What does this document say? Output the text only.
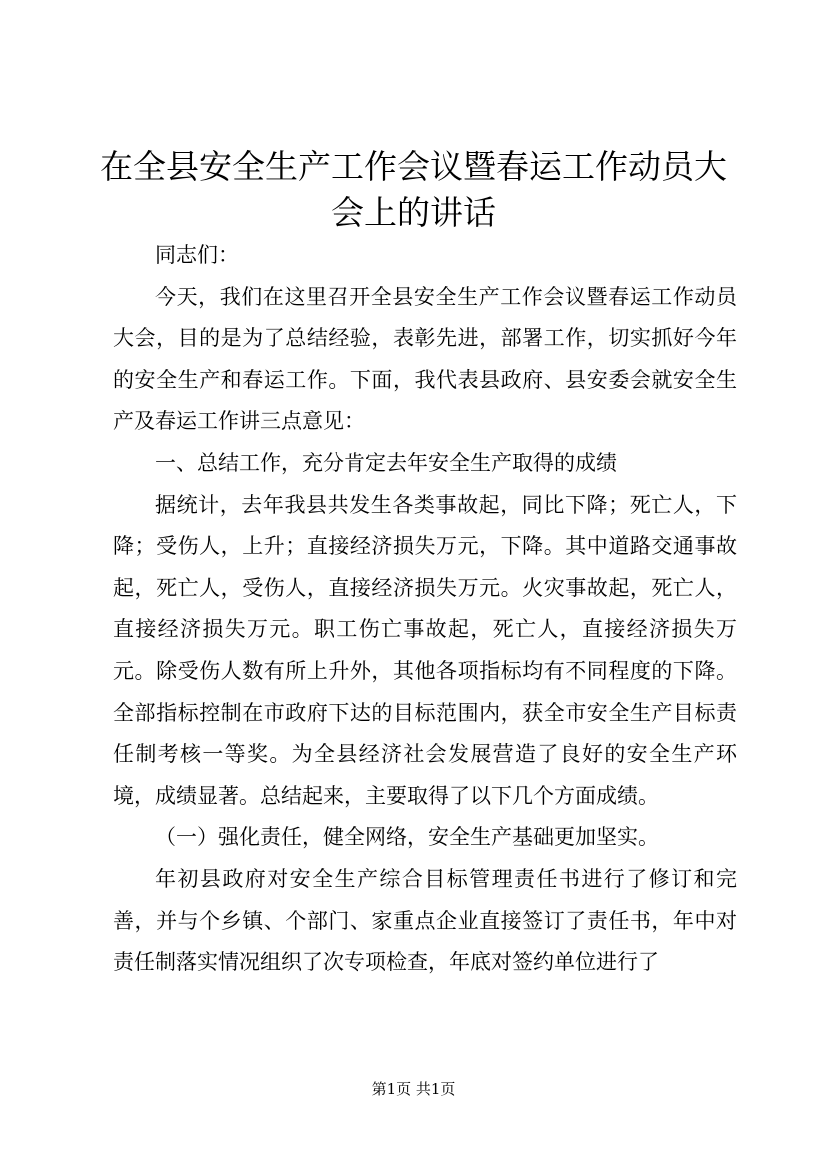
在全县安全生产工作会议暨春运工作动员大会上的讲话

同志们：

今天，我们在这里召开全县安全生产工作会议暨春运工作动员大会，目的是为了总结经验，表彰先进，部署工作，切实抓好今年的安全生产和春运工作。下面，我代表县政府、县安委会就安全生产及春运工作讲三点意见：

一、总结工作，充分肯定去年安全生产取得的成绩

据统计，去年我县共发生各类事故起，同比下降；死亡人，下降；受伤人，上升；直接经济损失万元，下降。其中道路交通事故起，死亡人，受伤人，直接经济损失万元。火灾事故起，死亡人，直接经济损失万元。职工伤亡事故起，死亡人，直接经济损失万元。除受伤人数有所上升外，其他各项指标均有不同程度的下降。全部指标控制在市政府下达的目标范围内，获全市安全生产目标责任制考核一等奖。为全县经济社会发展营造了良好的安全生产环境，成绩显著。总结起来，主要取得了以下几个方面成绩。

（一）强化责任，健全网络，安全生产基础更加坚实。

年初县政府对安全生产综合目标管理责任书进行了修订和完善，并与个乡镇、个部门、家重点企业直接签订了责任书，年中对责任制落实情况组织了次专项检查，年底对签约单位进行了

第1页 共1页
